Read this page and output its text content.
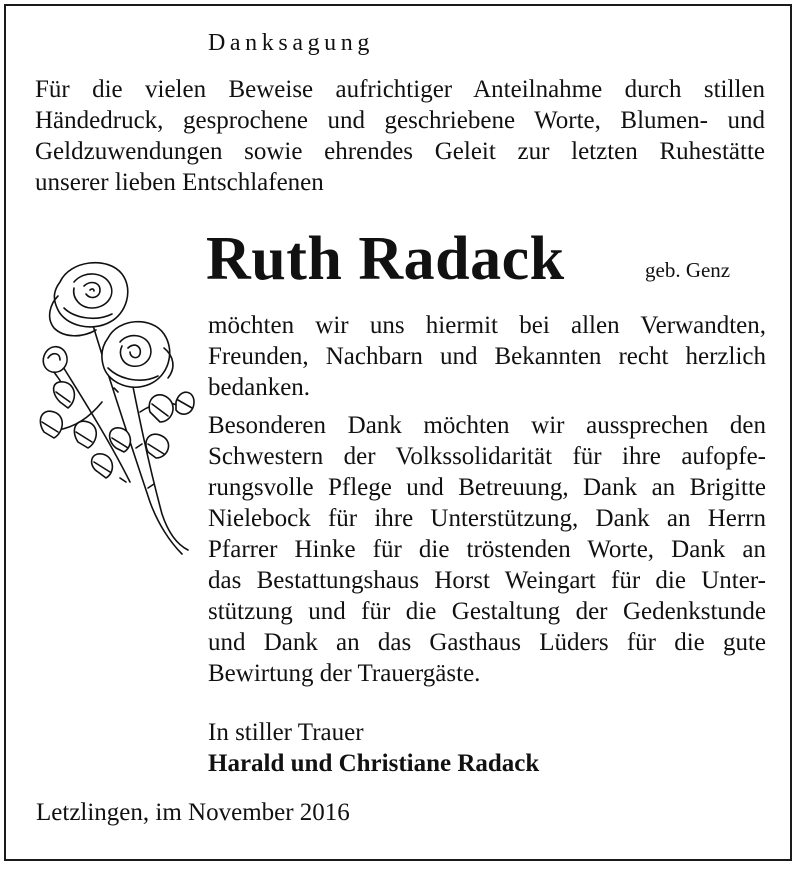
Danksagung
Für die vielen Beweise aufrichtiger Anteilnahme durch stillen
Händedruck, gesprochene und geschriebene Worte, Blumen- und
Geldzuwendungen sowie ehrendes Geleit zur letzten Ruhestätte
unserer lieben Entschlafenen
Ruth Radack	geb. Genz
möchten wir uns hiermit bei allen Verwandten,
Freunden, Nachbarn und Bekannten recht herzlich
bedanken.
Besonderen Dank möchten wir aussprechen den
Schwestern der Volkssolidarität für ihre aufopfe-
rungsvolle Pflege und Betreuung, Dank an Brigitte
Nielebock für ihre Unterstützung, Dank an Herrn
Pfarrer Hinke für die tröstenden Worte, Dank an
das Bestattungshaus Horst Weingart für die Unter-
stützung und für die Gestaltung der Gedenkstunde
und Dank an das Gasthaus Lüders für die gute
Bewirtung der Trauergäste.
In stiller Trauer
Harald und Christiane Radack
Letzlingen, im November 2016
